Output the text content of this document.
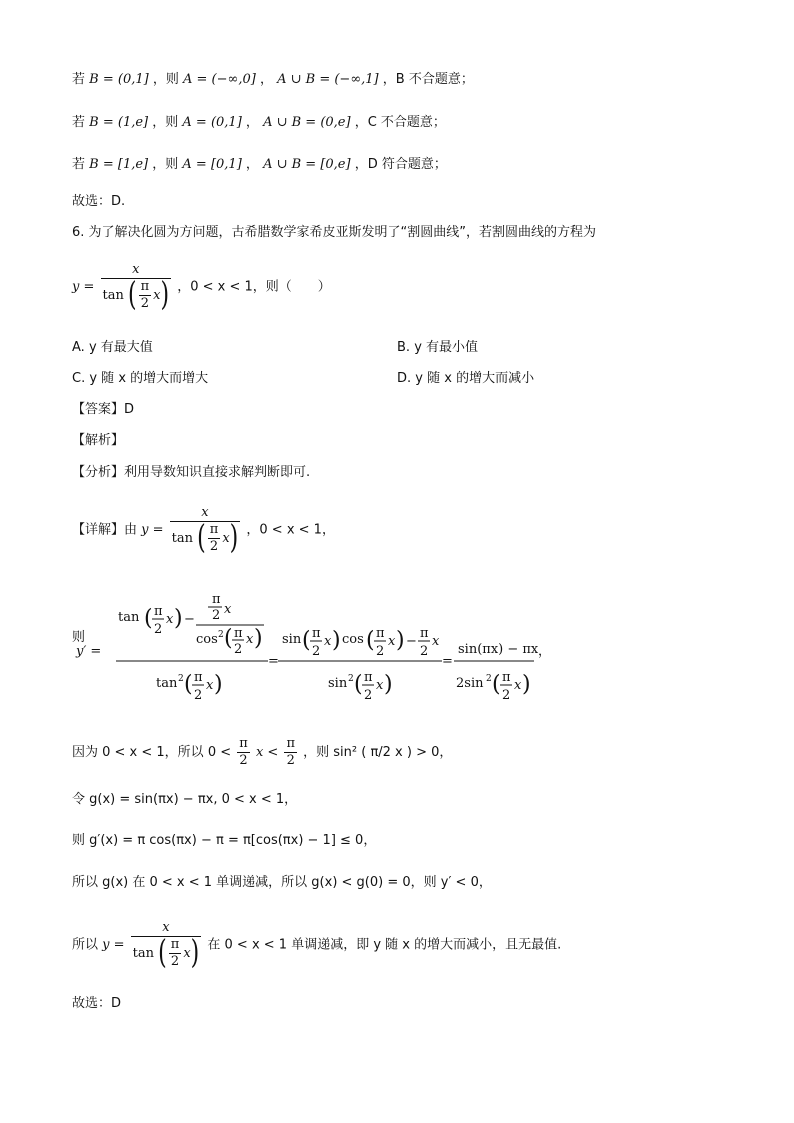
若 B = (0,1] ，则 A = (−∞,0] ， A ∪ B = (−∞,1] ，B 不合题意；
若 B = (1,e] ，则 A = (0,1] ， A ∪ B = (0,e] ，C 不合题意；
若 B = [1,e] ，则 A = [0,1] ， A ∪ B = [0,e] ，D 符合题意；
故选：D.
6. 为了解决化圆为方问题，古希腊数学家希皮亚斯发明了“割圆曲线”，若割圆曲线的方程为
$y = \frac{x}{\tan ( \frac{\pi}{2} x)}$ ，0 < x < 1，则（　　）
A. y 有最大值	B. y 有最小值
C. y 随 x 的增大而增大	D. y 随 x 的增大而减小
【答案】D
【解析】
【分析】利用导数知识直接求解判断即可.
【详解】由 $y = \frac{x}{\tan ( \frac{\pi}{2} x)}$ ，0 < x < 1，
则
y′ =
tan ( π
2
x ) −
π
2 x
cos 2 ( π
2
x )
tan 2 ( π
2
x )
=
sin ( π
2
x ) cos ( π
2
x ) −
π
2
x
sin 2 ( π
2
x )
=
sin(πx) − πx
2sin 2 ( π
2
x )
，
因为 0 < x < 1，所以 $0 < \frac{\pi}{2}$ $x < \frac{\pi}{2}$ ，则 sin² ( π/2 x ) > 0，
令 g(x) = sin(πx) − πx, 0 < x < 1，
则 g′(x) = π cos(πx) − π = π[cos(πx) − 1] ≤ 0，
所以 g(x) 在 0 < x < 1 单调递减，所以 g(x) < g(0) = 0，则 y′ < 0，
所以 $y = \frac{x}{\tan ( \frac{\pi}{2} x)}$ 在 0 < x < 1 单调递减，即 y 随 x 的增大而减小，且无最值.
故选：D
